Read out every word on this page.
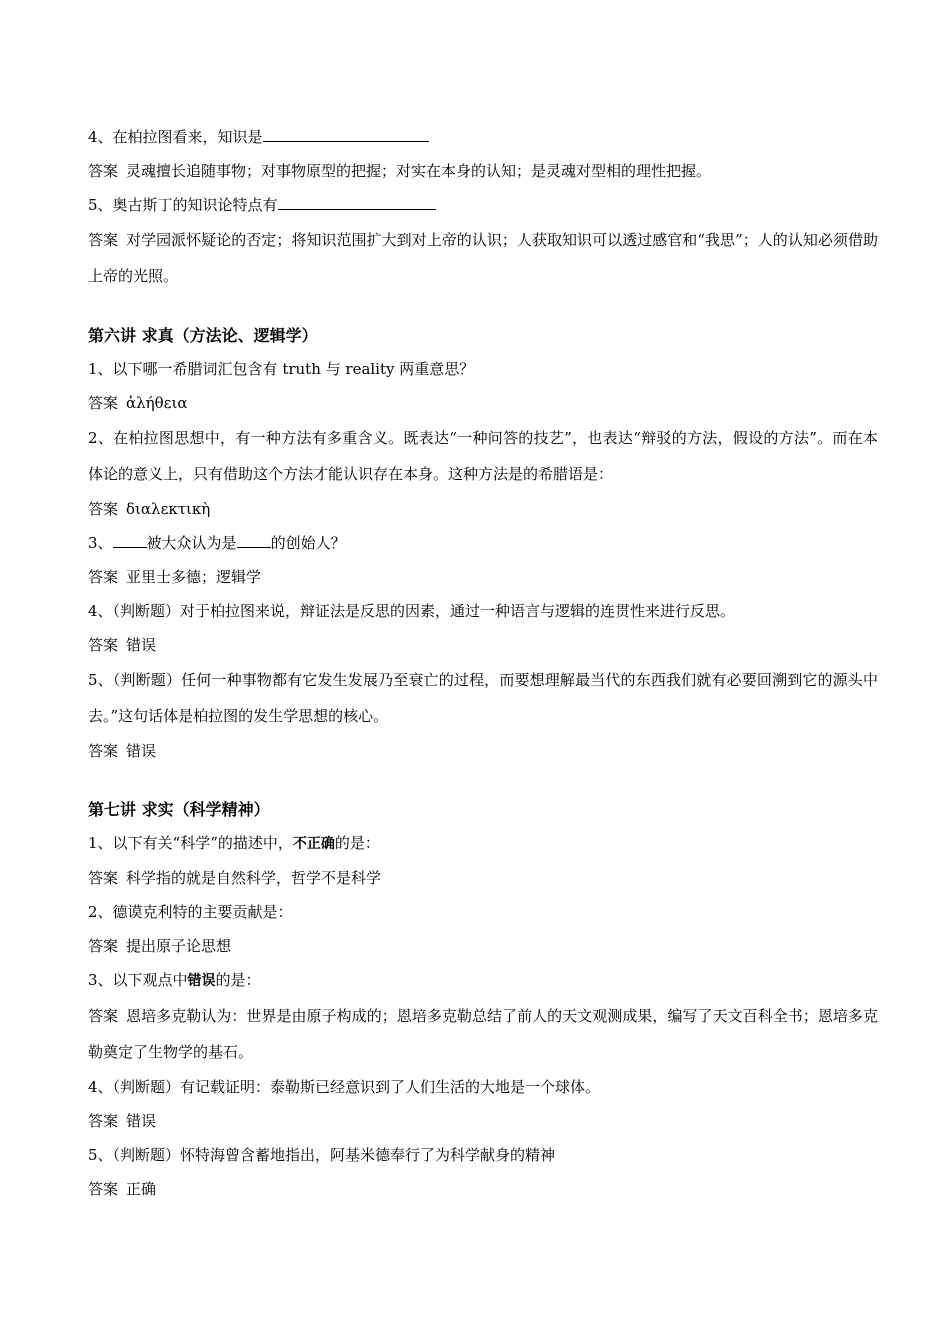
4、在柏拉图看来，知识是
答案 灵魂擅长追随事物；对事物原型的把握；对实在本身的认知；是灵魂对型相的理性把握。
5、奥古斯丁的知识论特点有
答案 对学园派怀疑论的否定；将知识范围扩大到对上帝的认识；人获取知识可以透过感官和“我思”；人的认知必须借助上帝的光照。
第六讲 求真（方法论、逻辑学）
1、以下哪一希腊词汇包含有 truth 与 reality 两重意思？
答案 ἀλήθεια
2、在柏拉图思想中，有一种方法有多重含义。既表达“一种问答的技艺”，也表达“辩驳的方法，假设的方法”。而在本体论的意义上，只有借助这个方法才能认识存在本身。这种方法是的希腊语是：
答案 διαλεκτικὴ
3、 被大众认为是 的创始人？
答案 亚里士多德；逻辑学
4、（判断题）对于柏拉图来说，辩证法是反思的因素，通过一种语言与逻辑的连贯性来进行反思。
答案 错误
5、（判断题）任何一种事物都有它发生发展乃至衰亡的过程，而要想理解最当代的东西我们就有必要回溯到它的源头中去。”这句话体是柏拉图的发生学思想的核心。
答案 错误
第七讲 求实（科学精神）
1、以下有关“科学”的描述中，不正确的是：
答案 科学指的就是自然科学，哲学不是科学
2、德谟克利特的主要贡献是：
答案 提出原子论思想
3、以下观点中错误的是：
答案 恩培多克勒认为：世界是由原子构成的；恩培多克勒总结了前人的天文观测成果，编写了天文百科全书；恩培多克勒奠定了生物学的基石。
4、（判断题）有记载证明：泰勒斯已经意识到了人们生活的大地是一个球体。
答案 错误
5、（判断题）怀特海曾含蓄地指出，阿基米德奉行了为科学献身的精神
答案 正确
